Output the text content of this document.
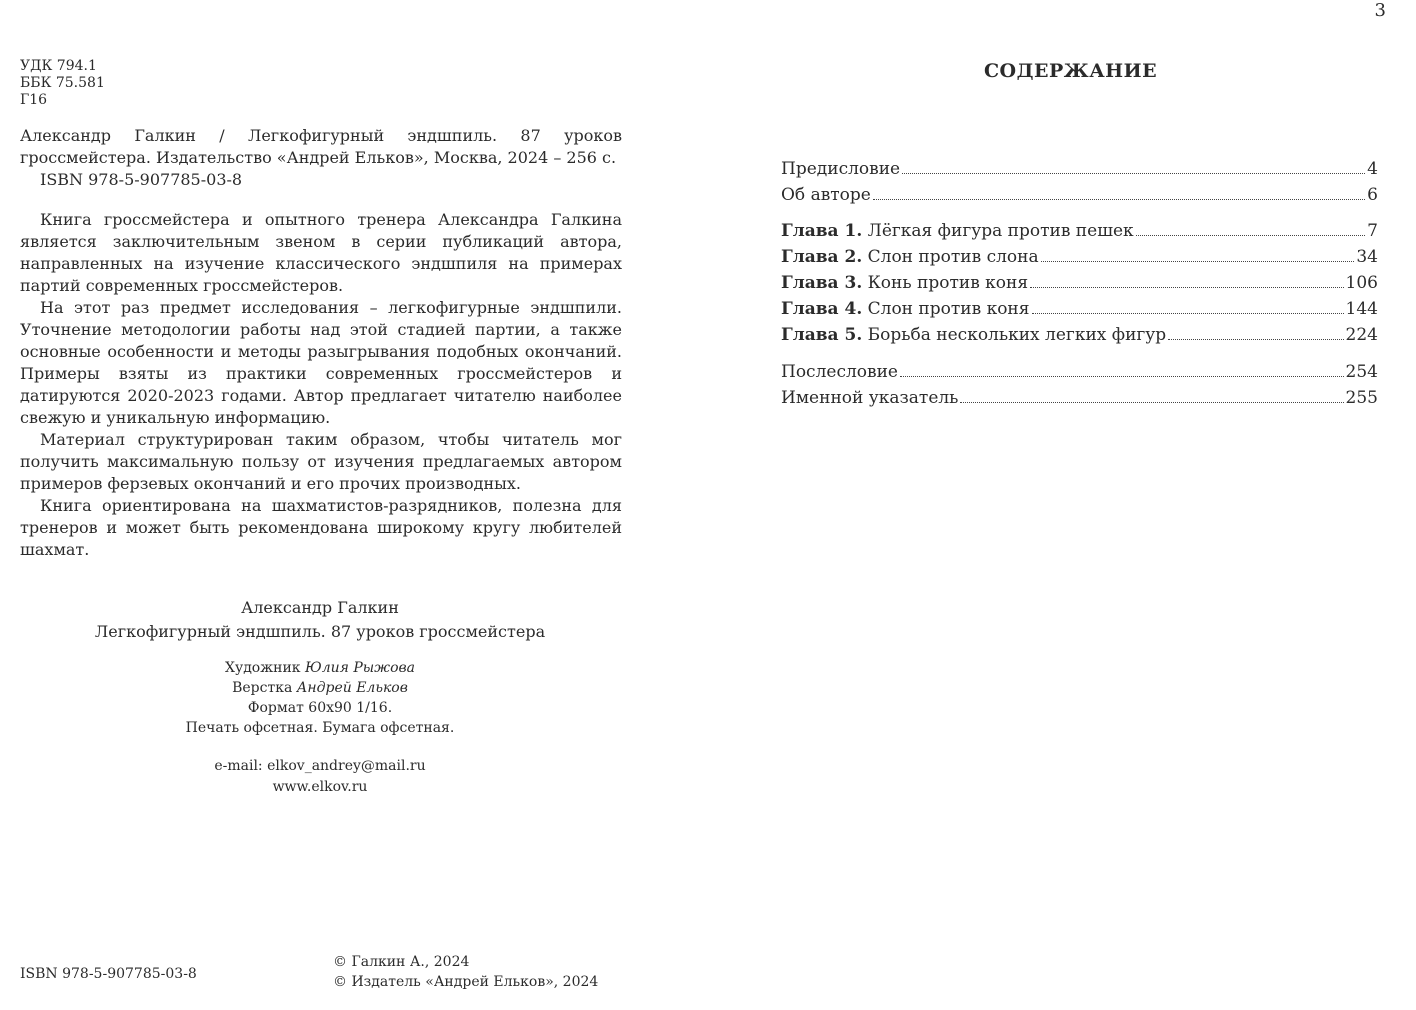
3
УДК 794.1
ББК 75.581
Г16
Александр Галкин / Легкофигурный эндшпиль. 87 уроков гроссмейстера. Издательство «Андрей Ельков», Москва, 2024 – 256 с.
ISBN 978-5-907785-03-8

Книга гроссмейстера и опытного тренера Александра Галкина является заключительным звеном в серии публикаций автора, направленных на изучение классического эндшпиля на примерах партий современных гроссмейстеров.

На этот раз предмет исследования – легкофигурные эндшпили. Уточнение методологии работы над этой стадией партии, а также основные особенности и методы разыгрывания подобных окончаний. Примеры взяты из практики современных гроссмейстеров и датируются 2020-2023 годами. Автор предлагает читателю наиболее свежую и уникальную информацию.

Материал структурирован таким образом, чтобы читатель мог получить максимальную пользу от изучения предлагаемых автором примеров ферзевых окончаний и его прочих производных.

Книга ориентирована на шахматистов-разрядников, полезна для тренеров и может быть рекомендована широкому кругу любителей шахмат.

Александр Галкин
Легкофигурный эндшпиль. 87 уроков гроссмейстера
Художник Юлия Рыжова
Верстка Андрей Ельков
Формат 60x90 1/16.
Печать офсетная. Бумага офсетная.
e-mail: elkov_andrey@mail.ru
www.elkov.ru
ISBN 978-5-907785-03-8
© Галкин А., 2024
© Издатель «Андрей Ельков», 2024
СОДЕРЖАНИЕ
Предисловие	4
Об авторе	6
Глава 1. Лёгкая фигура против пешек	7
Глава 2. Слон против слона	34
Глава 3. Конь против коня	106
Глава 4. Слон против коня	144
Глава 5. Борьба нескольких легких фигур	224
Послесловие	254
Именной указатель	255
